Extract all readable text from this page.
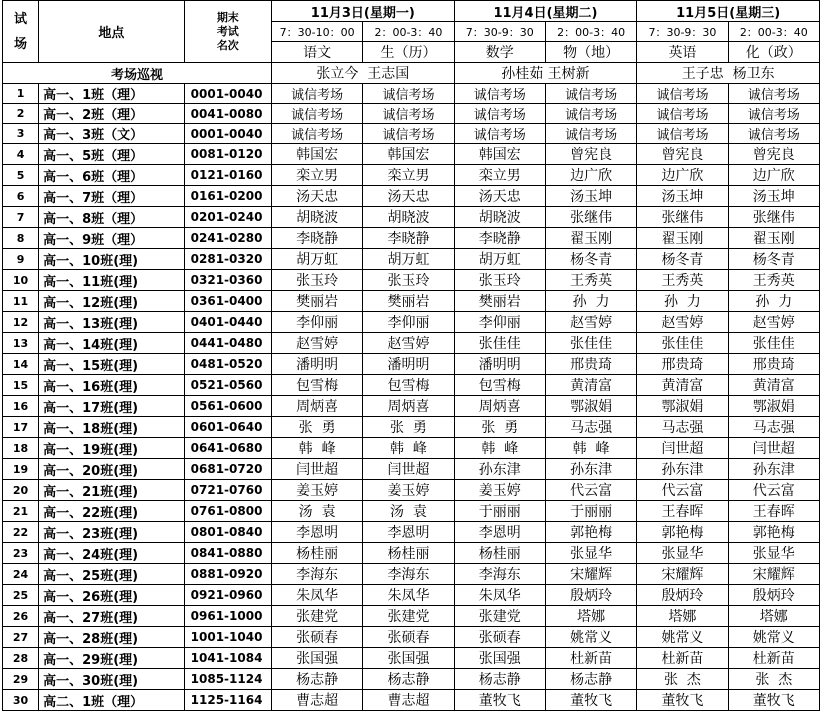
试
场	地点	期末
考试
名次	11月3日(星期一)		11月4日(星期二)		11月5日(星期三)	
			7：30-10：00	2：00-3：40	7：30-9：30	2：00-3：40	7：30-9：30	2：00-3：40
			语文	生（历）	数学	物（地）	英语	化（政）
考场巡视			张立今  王志国		孙桂茹 王树新		王子忠  杨卫东	
1	高一、1班（理）	0001-0040	诚信考场	诚信考场	诚信考场	诚信考场	诚信考场	诚信考场
2	高一、2班（理）	0041-0080	诚信考场	诚信考场	诚信考场	诚信考场	诚信考场	诚信考场
3	高一、3班（文）	0001-0040	诚信考场	诚信考场	诚信考场	诚信考场	诚信考场	诚信考场
4	高一、5班（理）	0081-0120	韩国宏	韩国宏	韩国宏	曾宪良	曾宪良	曾宪良
5	高一、6班（理）	0121-0160	栾立男	栾立男	栾立男	边广欣	边广欣	边广欣
6	高一、7班（理）	0161-0200	汤天忠	汤天忠	汤天忠	汤玉坤	汤玉坤	汤玉坤
7	高一、8班（理）	0201-0240	胡晓波	胡晓波	胡晓波	张继伟	张继伟	张继伟
8	高一、9班（理）	0241-0280	李晓静	李晓静	李晓静	翟玉刚	翟玉刚	翟玉刚
9	高一、10班(理)	0281-0320	胡万虹	胡万虹	胡万虹	杨冬青	杨冬青	杨冬青
10	高一、11班(理)	0321-0360	张玉玲	张玉玲	张玉玲	王秀英	王秀英	王秀英
11	高一、12班(理)	0361-0400	樊丽岩	樊丽岩	樊丽岩	孙  力	孙  力	孙  力
12	高一、13班(理)	0401-0440	李仰丽	李仰丽	李仰丽	赵雪婷	赵雪婷	赵雪婷
13	高一、14班(理)	0441-0480	赵雪婷	赵雪婷	张佳佳	张佳佳	张佳佳	张佳佳
14	高一、15班(理)	0481-0520	潘明明	潘明明	潘明明	邢贵琦	邢贵琦	邢贵琦
15	高一、16班(理)	0521-0560	包雪梅	包雪梅	包雪梅	黄清富	黄清富	黄清富
16	高一、17班(理)	0561-0600	周炳喜	周炳喜	周炳喜	鄂淑娟	鄂淑娟	鄂淑娟
17	高一、18班(理)	0601-0640	张  勇	张  勇	张  勇	马志强	马志强	马志强
18	高一、19班(理)	0641-0680	韩  峰	韩  峰	韩  峰	韩  峰	闫世超	闫世超
19	高一、20班(理)	0681-0720	闫世超	闫世超	孙东津	孙东津	孙东津	孙东津
20	高一、21班(理)	0721-0760	姜玉婷	姜玉婷	姜玉婷	代云富	代云富	代云富
21	高一、22班(理)	0761-0800	汤  袁	汤  袁	于丽丽	于丽丽	王春晖	王春晖
22	高一、23班(理)	0801-0840	李恩明	李恩明	李恩明	郭艳梅	郭艳梅	郭艳梅
23	高一、24班(理)	0841-0880	杨桂丽	杨桂丽	杨桂丽	张显华	张显华	张显华
24	高一、25班(理)	0881-0920	李海东	李海东	李海东	宋耀辉	宋耀辉	宋耀辉
25	高一、26班(理)	0921-0960	朱凤华	朱凤华	朱凤华	殷炳玲	殷炳玲	殷炳玲
26	高一、27班(理)	0961-1000	张建党	张建党	张建党	塔娜	塔娜	塔娜
27	高一、28班(理)	1001-1040	张硕春	张硕春	张硕春	姚常义	姚常义	姚常义
28	高一、29班(理)	1041-1084	张国强	张国强	张国强	杜新苗	杜新苗	杜新苗
29	高一、30班(理)	1085-1124	杨志静	杨志静	杨志静	杨志静	张  杰	张  杰
30	高二、1班（理）	1125-1164	曹志超	曹志超	董牧飞	董牧飞	董牧飞	董牧飞
